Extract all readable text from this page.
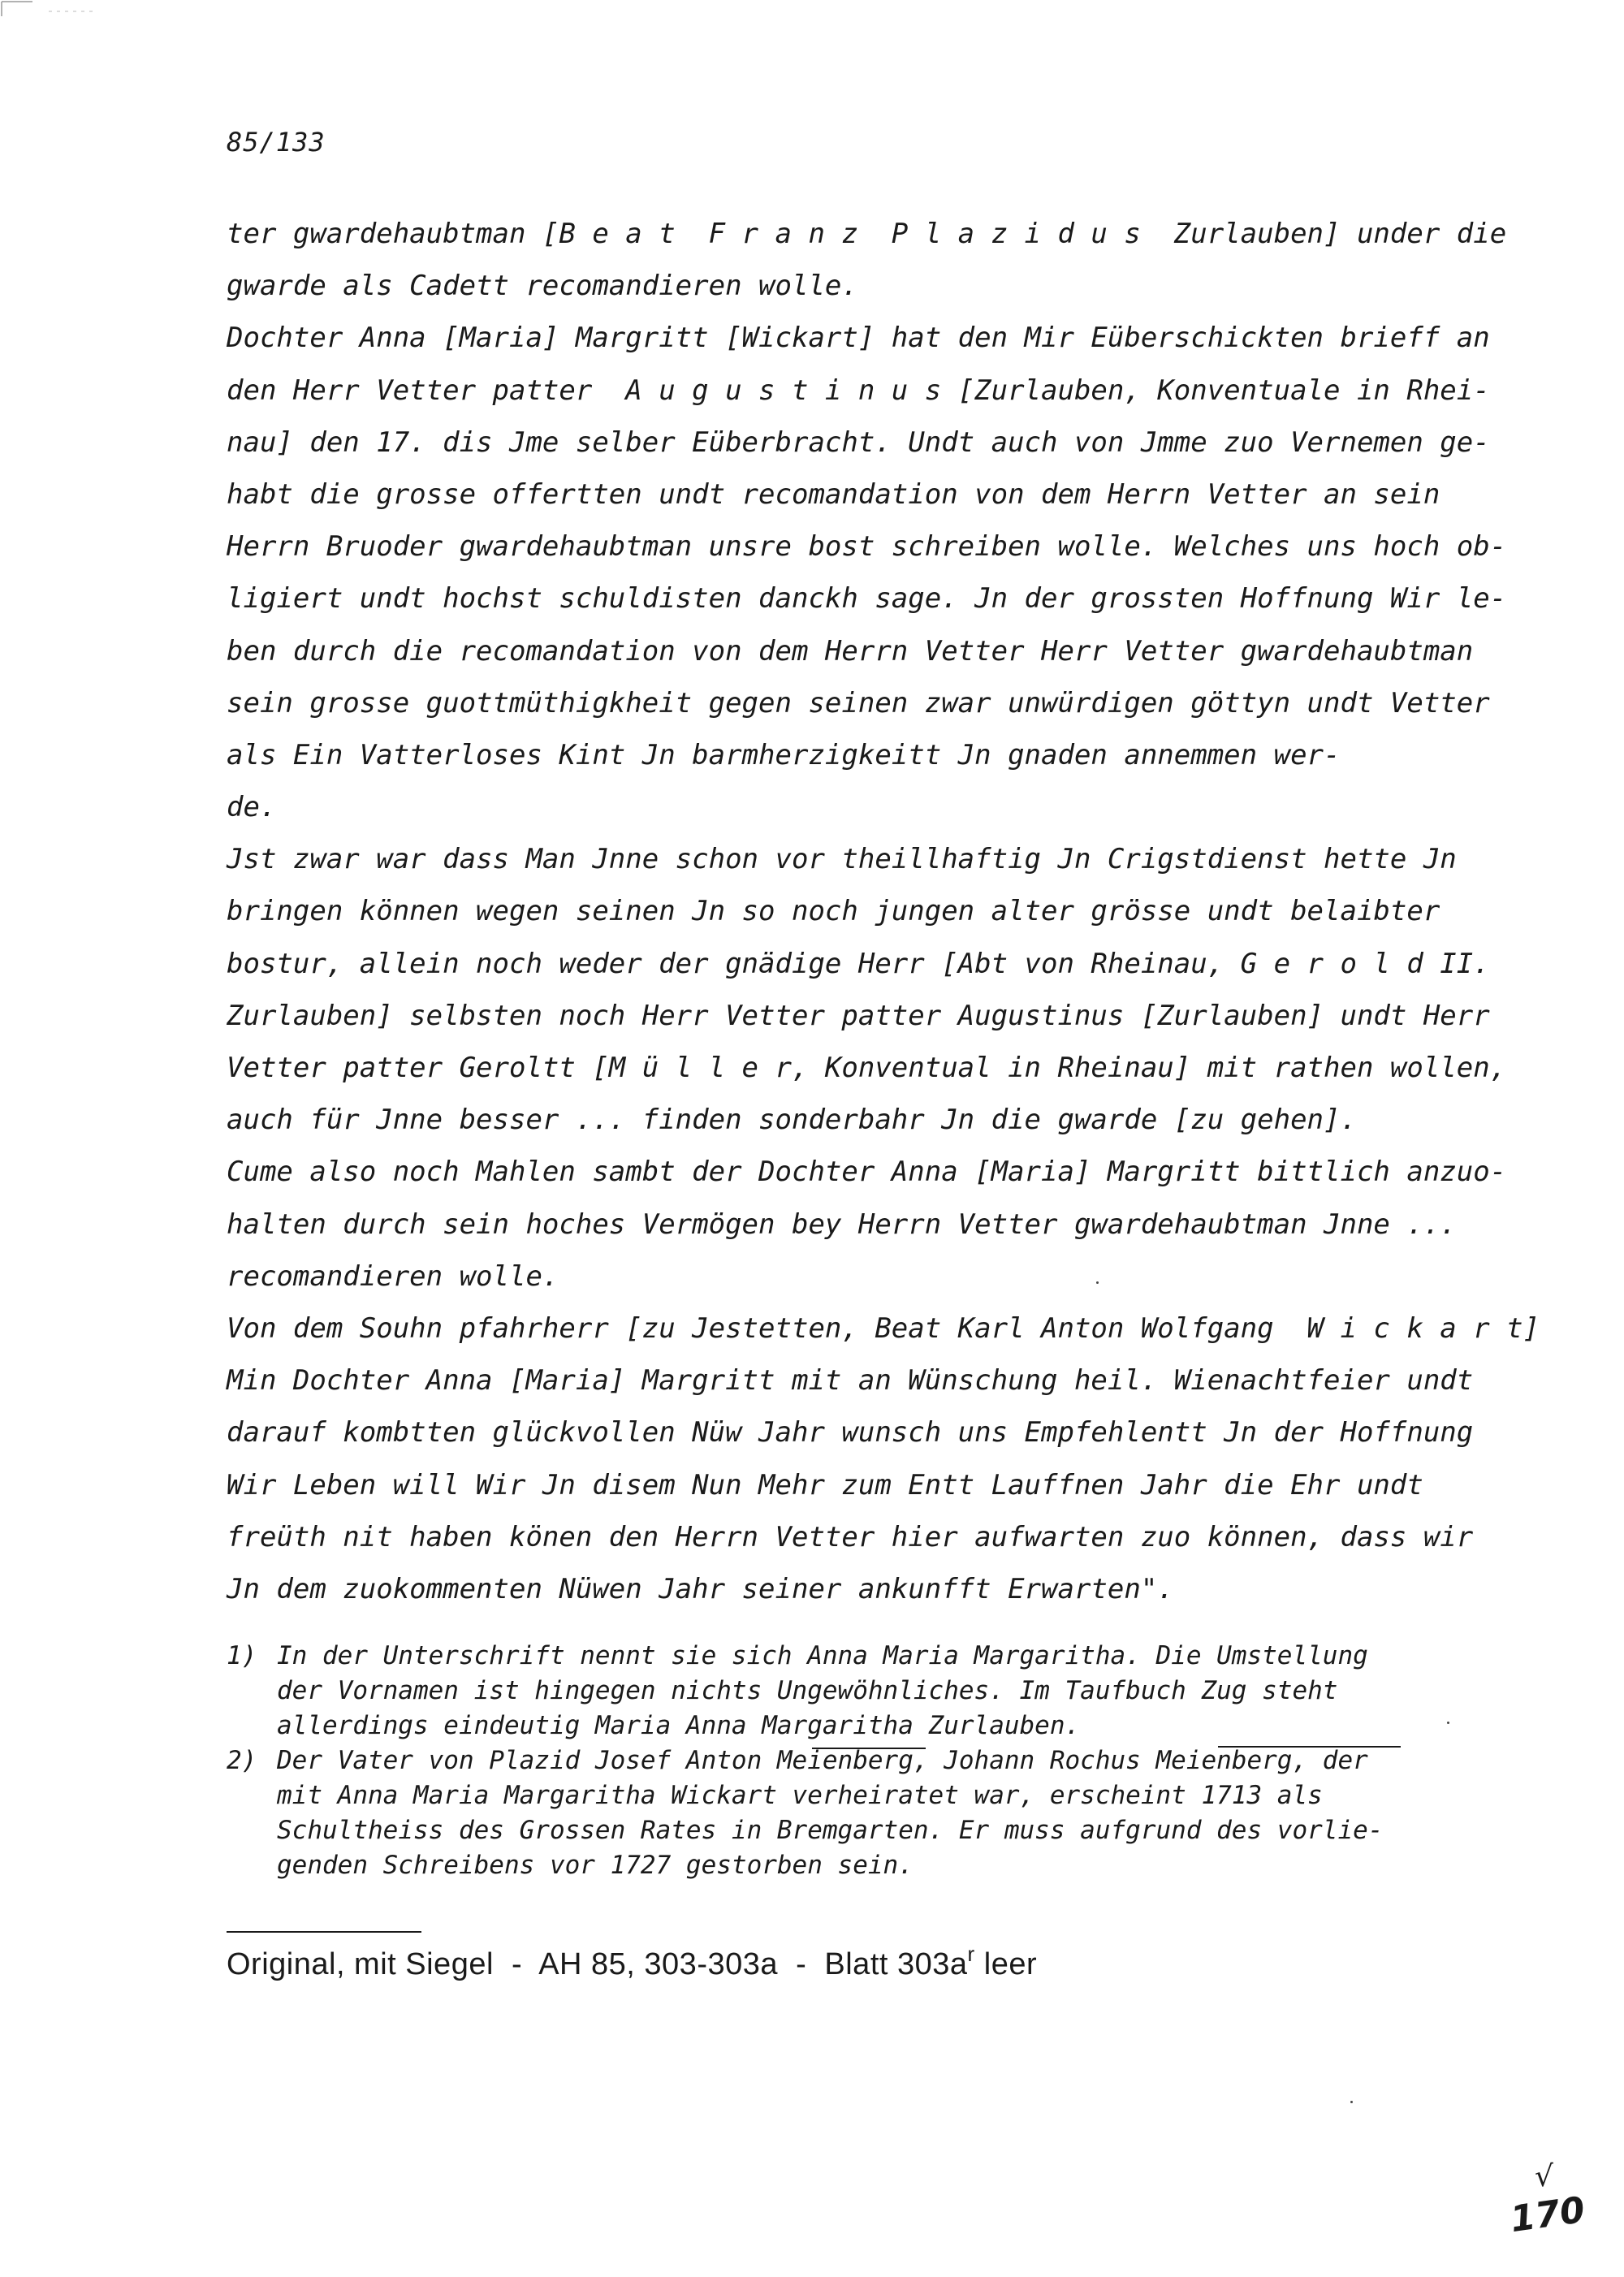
85/133
ter gwardehaubtman [B e a t  F r a n z  P l a z i d u s  Zurlauben] under die
gwarde als Cadett recomandieren wolle.
Dochter Anna [Maria] Margritt [Wickart] hat den Mir Eüberschickten brieff an
den Herr Vetter patter  A u g u s t i n u s [Zurlauben, Konventuale in Rhei-
nau] den 17. dis Jme selber Eüberbracht. Undt auch von Jmme zuo Vernemen ge-
habt die grosse offertten undt recomandation von dem Herrn Vetter an sein
Herrn Bruoder gwardehaubtman unsre bost schreiben wolle. Welches uns hoch ob-
ligiert undt hochst schuldisten danckh sage. Jn der grossten Hoffnung Wir le-
ben durch die recomandation von dem Herrn Vetter Herr Vetter gwardehaubtman
sein grosse guottmüthigkheit gegen seinen zwar unwürdigen göttyn undt Vetter
als Ein Vatterloses Kint Jn barmherzigkeitt Jn gnaden annemmen wer-
de.
Jst zwar war dass Man Jnne schon vor theillhaftig Jn Crigstdienst hette Jn
bringen können wegen seinen Jn so noch jungen alter grösse undt belaibter
bostur, allein noch weder der gnädige Herr [Abt von Rheinau, G e r o l d II.
Zurlauben] selbsten noch Herr Vetter patter Augustinus [Zurlauben] undt Herr
Vetter patter Geroltt [M ü l l e r, Konventual in Rheinau] mit rathen wollen,
auch für Jnne besser ... finden sonderbahr Jn die gwarde [zu gehen].
Cume also noch Mahlen sambt der Dochter Anna [Maria] Margritt bittlich anzuo-
halten durch sein hoches Vermögen bey Herrn Vetter gwardehaubtman Jnne ...
recomandieren wolle.
Von dem Souhn pfahrherr [zu Jestetten, Beat Karl Anton Wolfgang  W i c k a r t]
Min Dochter Anna [Maria] Margritt mit an Wünschung heil. Wienachtfeier undt
darauf kombtten glückvollen Nüw Jahr wunsch uns Empfehlentt Jn der Hoffnung
Wir Leben will Wir Jn disem Nun Mehr zum Entt Lauffnen Jahr die Ehr undt
freüth nit haben könen den Herrn Vetter hier aufwarten zuo können, dass wir
Jn dem zuokommenten Nüwen Jahr seiner ankunfft Erwarten".
1) In der Unterschrift nennt sie sich Anna Maria Margaritha. Die Umstellung
der Vornamen ist hingegen nichts Ungewöhnliches. Im Taufbuch Zug steht
allerdings eindeutig Maria Anna Margaritha Zurlauben.
2) Der Vater von Plazid Josef Anton Meienberg, Johann Rochus Meienberg, der
mit Anna Maria Margaritha Wickart verheiratet war, erscheint 1713 als
Schultheiss des Grossen Rates in Bremgarten. Er muss aufgrund des vorlie-
genden Schreibens vor 1727 gestorben sein.
Original, mit Siegel  -  AH 85, 303-303a  -  Blatt $303a^r$ leer
√
170
